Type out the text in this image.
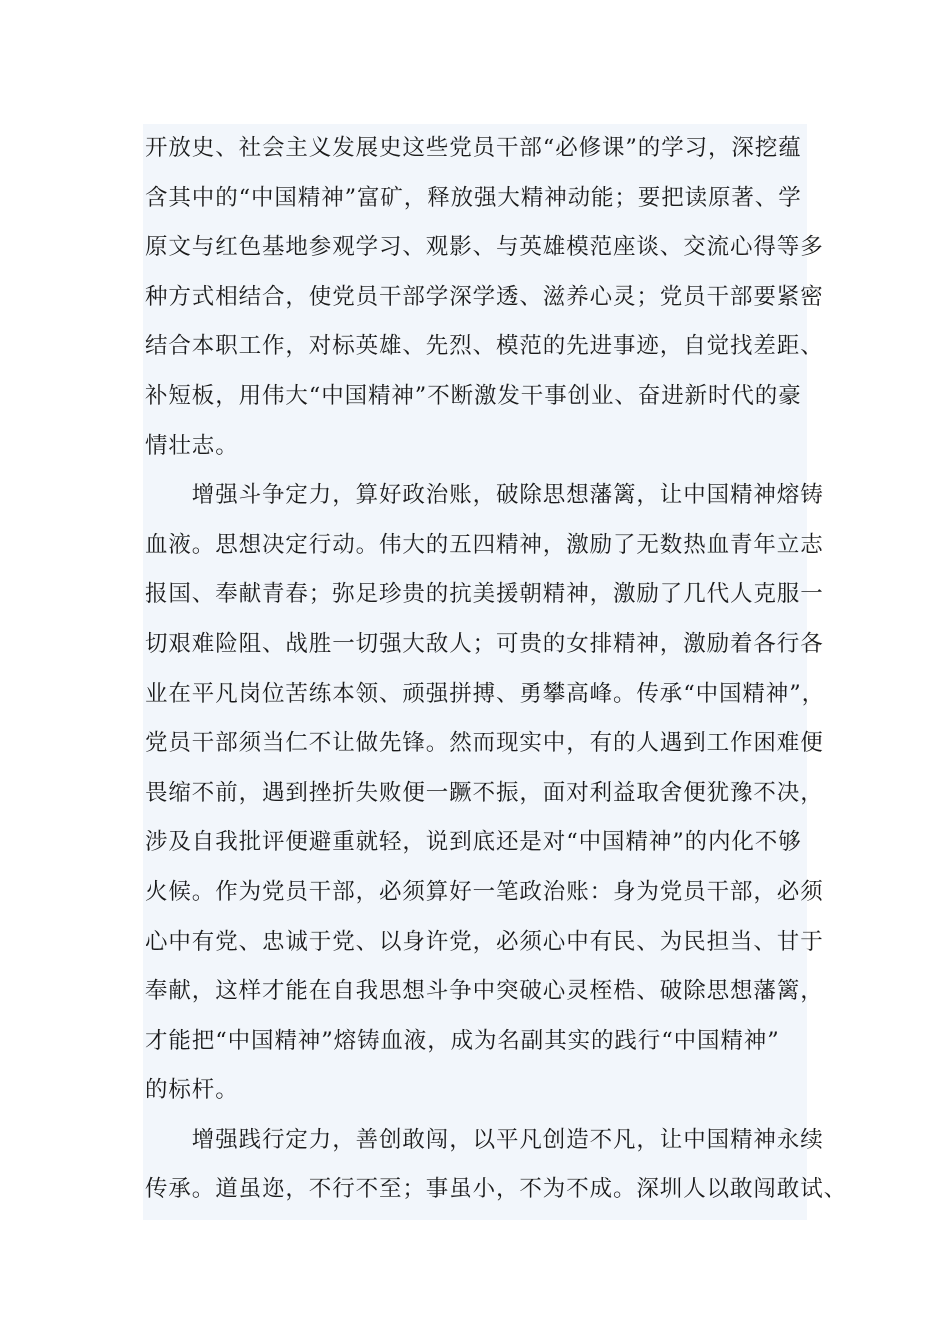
开放史、社会主义发展史这些党员干部“必修课”的学习，深挖蕴
含其中的“中国精神”富矿，释放强大精神动能；要把读原著、学
原文与红色基地参观学习、观影、与英雄模范座谈、交流心得等多
种方式相结合，使党员干部学深学透、滋养心灵；党员干部要紧密
结合本职工作，对标英雄、先烈、模范的先进事迹，自觉找差距、
补短板，用伟大“中国精神”不断激发干事创业、奋进新时代的豪
情壮志。
　　增强斗争定力，算好政治账，破除思想藩篱，让中国精神熔铸
血液。思想决定行动。伟大的五四精神，激励了无数热血青年立志
报国、奉献青春；弥足珍贵的抗美援朝精神，激励了几代人克服一
切艰难险阻、战胜一切强大敌人；可贵的女排精神，激励着各行各
业在平凡岗位苦练本领、顽强拼搏、勇攀高峰。传承“中国精神”，
党员干部须当仁不让做先锋。然而现实中，有的人遇到工作困难便
畏缩不前，遇到挫折失败便一蹶不振，面对利益取舍便犹豫不决，
涉及自我批评便避重就轻，说到底还是对“中国精神”的内化不够
火候。作为党员干部，必须算好一笔政治账：身为党员干部，必须
心中有党、忠诚于党、以身许党，必须心中有民、为民担当、甘于
奉献，这样才能在自我思想斗争中突破心灵桎梏、破除思想藩篱，
才能把“中国精神”熔铸血液，成为名副其实的践行“中国精神”
的标杆。
　　增强践行定力，善创敢闯，以平凡创造不凡，让中国精神永续
传承。道虽迩，不行不至；事虽小，不为不成。深圳人以敢闯敢试、
